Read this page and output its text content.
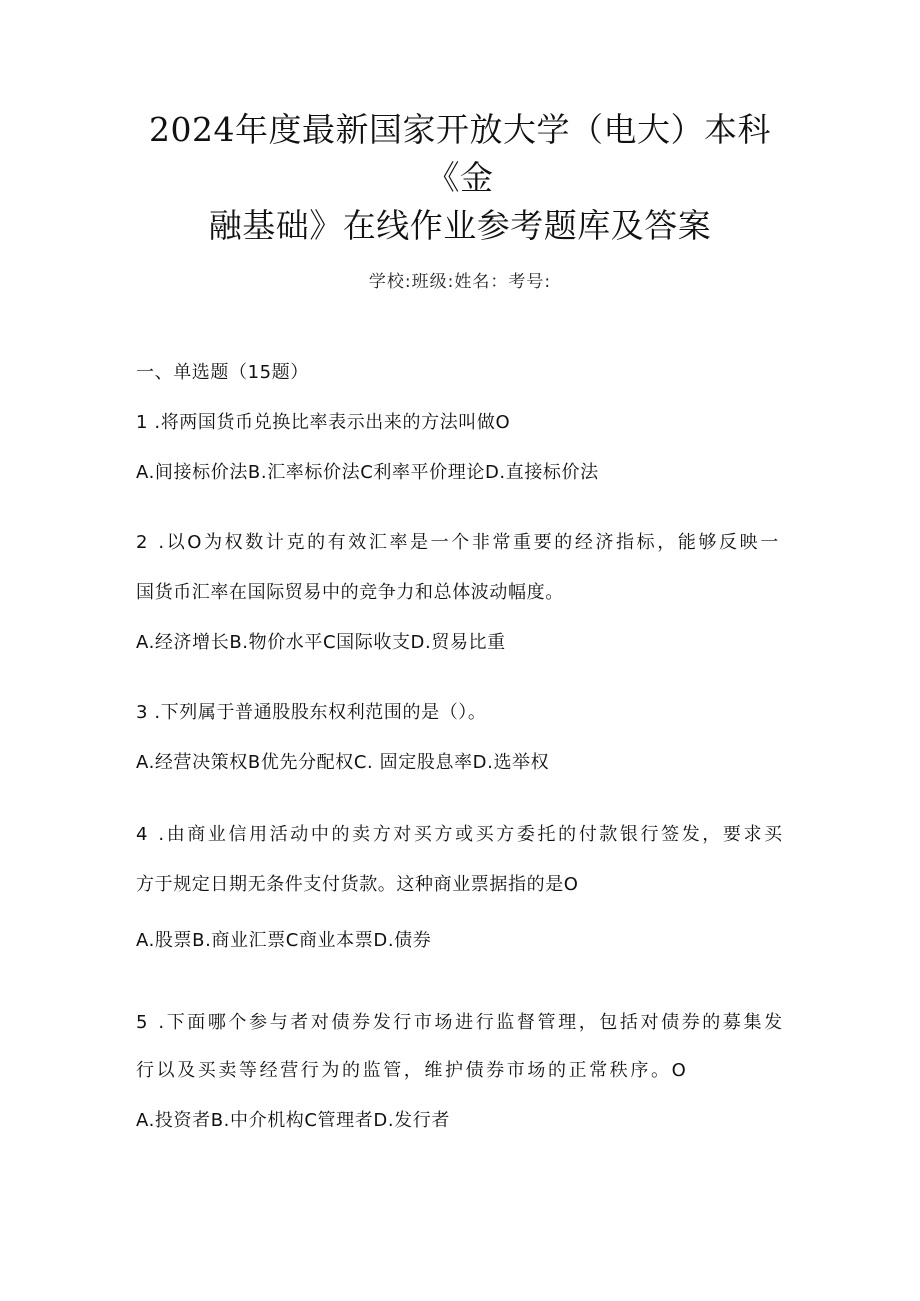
2024年度最新国家开放大学（电大）本科
《金
融基础》在线作业参考题库及答案
学校:班级:姓名：考号:
一、单选题（15题）
1 .将两国货币兑换比率表示出来的方法叫做O
A.间接标价法B.汇率标价法C利率平价理论D.直接标价法
2 .以O为权数计克的有效汇率是一个非常重要的经济指标，能够反映一
国货币汇率在国际贸易中的竞争力和总体波动幅度。
A.经济增长B.物价水平C国际收支D.贸易比重
3 .下列属于普通股股东权利范围的是（）。
A.经营决策权B优先分配权C. 固定股息率D.选举权
4 .由商业信用活动中的卖方对买方或买方委托的付款银行签发，要求买
方于规定日期无条件支付货款。这种商业票据指的是O
A.股票B.商业汇票C商业本票D.债券
5 .下面哪个参与者对债券发行市场进行监督管理，包括对债券的募集发
行以及买卖等经营行为的监管，维护债券市场的正常秩序。O
A.投资者B.中介机构C管理者D.发行者
